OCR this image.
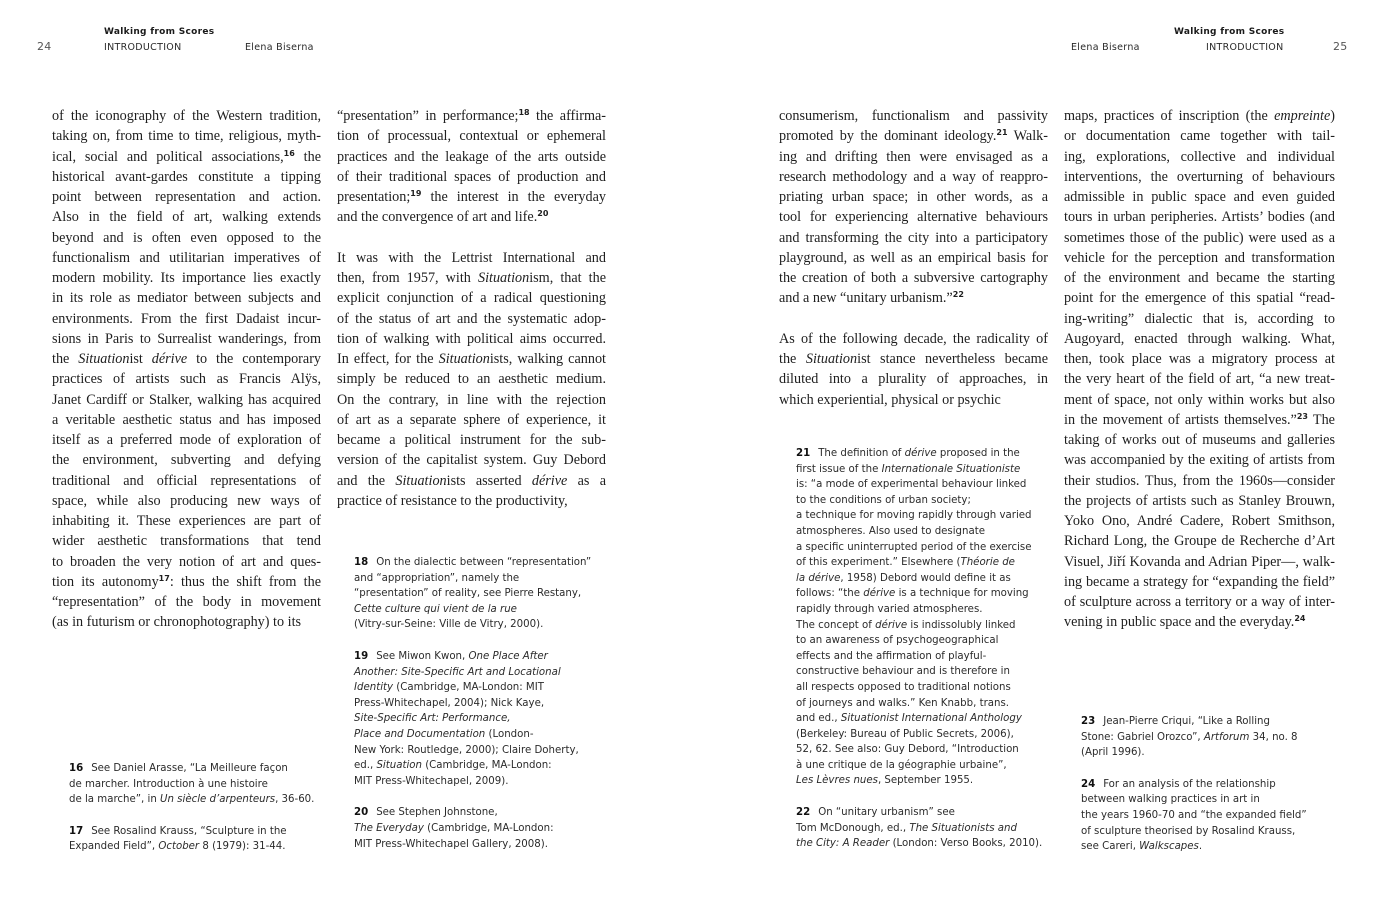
24
Walking from Scores
INTRODUCTION	Elena Biserna

of the iconography of the Western tradition,
taking on, from time to time, religious, myth-
ical, social and political associations,$^{16}$ the
historical avant-gardes constitute a tipping
point between representation and action.
Also in the field of art, walking extends
beyond and is often even opposed to the
functionalism and utilitarian imperatives of
modern mobility. Its importance lies exactly
in its role as mediator between subjects and
environments. From the first Dadaist incur-
sions in Paris to Surrealist wanderings, from
the Situationist dérive to the contemporary
practices of artists such as Francis Alÿs,
Janet Cardiff or Stalker, walking has acquired
a veritable aesthetic status and has imposed
itself as a preferred mode of exploration of
the environment, subverting and defying
traditional and official representations of
space, while also producing new ways of
inhabiting it. These experiences are part of
wider aesthetic transformations that tend
to broaden the very notion of art and ques-
tion its autonomy$^{17}$: thus the shift from the
“representation” of the body in movement
(as in futurism or chronophotography) to its

“presentation” in performance;$^{18}$ the affirma-
tion of processual, contextual or ephemeral
practices and the leakage of the arts outside
of their traditional spaces of production and
presentation;$^{19}$ the interest in the everyday
and the convergence of art and life.$^{20}$

It was with the Lettrist International and
then, from 1957, with Situationism, that the
explicit conjunction of a radical questioning
of the status of art and the systematic adop-
tion of walking with political aims occurred.
In effect, for the Situationists, walking cannot
simply be reduced to an aesthetic medium.
On the contrary, in line with the rejection
of art as a separate sphere of experience, it
became a political instrument for the sub-
version of the capitalist system. Guy Debord
and the Situationists asserted dérive as a
practice of resistance to the productivity,

16 See Daniel Arasse, “La Meilleure façon
de marcher. Introduction à une histoire
de la marche”, in Un siècle d’arpenteurs, 36-60.
17 See Rosalind Krauss, “Sculpture in the
Expanded Field”, October 8 (1979): 31-44.
18 On the dialectic between “representation”
and “appropriation”, namely the
“presentation” of reality, see Pierre Restany,
Cette culture qui vient de la rue
(Vitry-sur-Seine: Ville de Vitry, 2000).
19 See Miwon Kwon, One Place After
Another: Site-Specific Art and Locational
Identity (Cambridge, MA-London: MIT
Press-Whitechapel, 2004); Nick Kaye,
Site-Specific Art: Performance,
Place and Documentation (London-
New York: Routledge, 2000); Claire Doherty,
ed., Situation (Cambridge, MA-London:
MIT Press-Whitechapel, 2009).
20 See Stephen Johnstone,
The Everyday (Cambridge, MA-London:
MIT Press-Whitechapel Gallery, 2008).
Walking from Scores
Elena Biserna	INTRODUCTION	25

consumerism, functionalism and passivity
promoted by the dominant ideology.$^{21}$ Walk-
ing and drifting then were envisaged as a
research methodology and a way of reappro-
priating urban space; in other words, as a
tool for experiencing alternative behaviours
and transforming the city into a participatory
playground, as well as an empirical basis for
the creation of both a subversive cartography
and a new “unitary urbanism.”$^{22}$

As of the following decade, the radicality of
the Situationist stance nevertheless became
diluted into a plurality of approaches, in
which experiential, physical or psychic

maps, practices of inscription (the empreinte)
or documentation came together with tail-
ing, explorations, collective and individual
interventions, the overturning of behaviours
admissible in public space and even guided
tours in urban peripheries. Artists’ bodies (and
sometimes those of the public) were used as a
vehicle for the perception and transformation
of the environment and became the starting
point for the emergence of this spatial “read-
ing-writing” dialectic that is, according to
Augoyard, enacted through walking. What,
then, took place was a migratory process at
the very heart of the field of art, “a new treat-
ment of space, not only within works but also
in the movement of artists themselves.”$^{23}$ The
taking of works out of museums and galleries
was accompanied by the exiting of artists from
their studios. Thus, from the 1960s—consider
the projects of artists such as Stanley Brouwn,
Yoko Ono, André Cadere, Robert Smithson,
Richard Long, the Groupe de Recherche d’Art
Visuel, Jiří Kovanda and Adrian Piper—, walk-
ing became a strategy for “expanding the field”
of sculpture across a territory or a way of inter-
vening in public space and the everyday.$^{24}$

21 The definition of dérive proposed in the
first issue of the Internationale Situationiste
is: “a mode of experimental behaviour linked
to the conditions of urban society;
a technique for moving rapidly through varied
atmospheres. Also used to designate
a specific uninterrupted period of the exercise
of this experiment.” Elsewhere (Théorie de
la dérive, 1958) Debord would define it as
follows: “the dérive is a technique for moving
rapidly through varied atmospheres.
The concept of dérive is indissolubly linked
to an awareness of psychogeographical
effects and the affirmation of playful-
constructive behaviour and is therefore in
all respects opposed to traditional notions
of journeys and walks.” Ken Knabb, trans.
and ed., Situationist International Anthology
(Berkeley: Bureau of Public Secrets, 2006),
52, 62. See also: Guy Debord, “Introduction
à une critique de la géographie urbaine”,
Les Lèvres nues, September 1955.
22 On “unitary urbanism” see
Tom McDonough, ed., The Situationists and
the City: A Reader (London: Verso Books, 2010).
23 Jean-Pierre Criqui, “Like a Rolling
Stone: Gabriel Orozco”, Artforum 34, no. 8
(April 1996).
24 For an analysis of the relationship
between walking practices in art in
the years 1960-70 and “the expanded field”
of sculpture theorised by Rosalind Krauss,
see Careri, Walkscapes.
